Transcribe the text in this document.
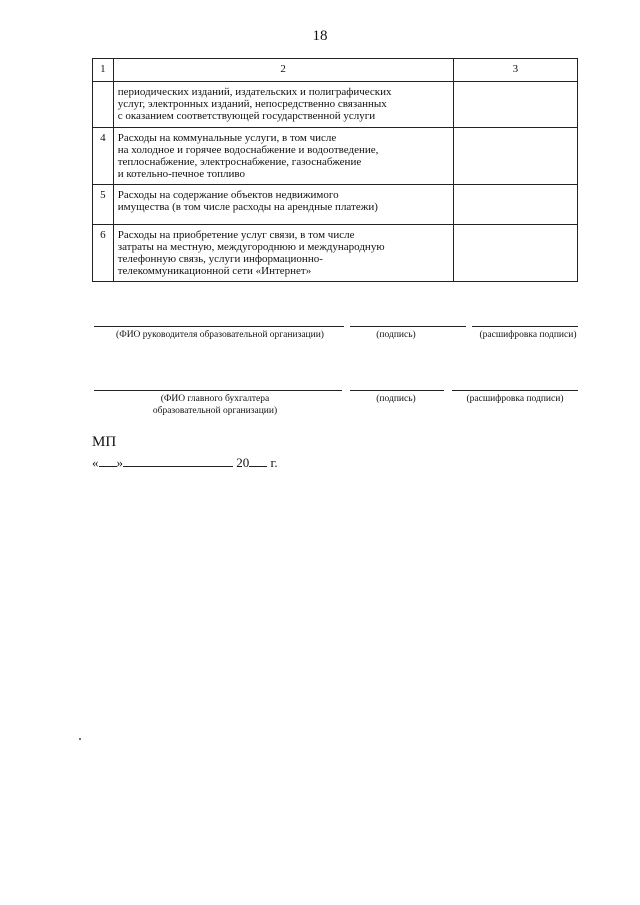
18
1	2	3
	периодических изданий, издательских и полиграфических
услуг, электронных изданий, непосредственно связанных
с оказанием соответствующей государственной услуги	
4	Расходы на коммунальные услуги, в том числе
на холодное и горячее водоснабжение и водоотведение,
теплоснабжение, электроснабжение, газоснабжение
и котельно-печное топливо	
5	Расходы на содержание объектов недвижимого
имущества (в том числе расходы на арендные платежи)	
6	Расходы на приобретение услуг связи, в том числе
затраты на местную, междугороднюю и международную
телефонную связь, услуги информационно-
телекоммуникационной сети «Интернет»	
(ФИО руководителя образовательной организации)	(подпись)	(расшифровка подписи)
(ФИО главного бухгалтера
образовательной организации)
(подпись)	(расшифровка подписи)
МП
« »	20 г.
